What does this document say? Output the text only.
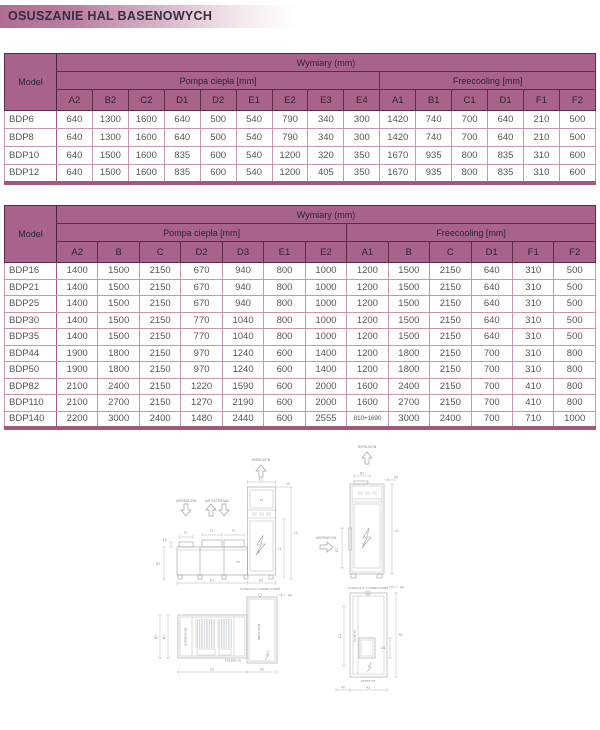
OSUSZANIE HAL BASENOWYCH
Model	Wymiary (mm)														
	Pompa ciepła [mm]									Freecooling [mm]					
	A2	B2	C2	D1	D2	E1	E2	E3	E4	A1	B1	C1	D1	F1	F2
BDP6	640	1300	1600	640	500	540	790	340	300	1420	740	700	640	210	500
BDP8	640	1300	1600	640	500	540	790	340	300	1420	740	700	640	210	500
BDP10	640	1500	1600	835	600	540	1200	320	350	1670	935	800	835	310	600
BDP12	640	1500	1600	835	600	540	1200	405	350	1670	935	800	835	310	600
Model	Wymiary (mm)												
	Pompa ciepła [mm]							Freecooling [mm]					
	A2	B	C	D2	D3	E1	E2	A1	B	C	D1	F1	F2
BDP16	1400	1500	2150	670	940	800	1000	1200	1500	2150	640	310	500
BDP21	1400	1500	2150	670	940	800	1000	1200	1500	2150	640	310	500
BDP25	1400	1500	2150	670	940	800	1000	1200	1500	2150	640	310	500
BDP30	1400	1500	2150	770	1040	800	1000	1200	1500	2150	640	310	500
BDP35	1400	1500	2150	770	1040	800	1000	1200	1500	2150	640	310	500
BDP44	1900	1800	2150	970	1240	600	1400	1200	1800	2150	700	310	800
BDP50	1900	1800	2150	970	1240	600	1400	1200	1800	2150	700	310	800
BDP82	2100	2400	2150	1220	1590	600	2000	1600	2400	2150	700	410	800
BDP110	2100	2700	2150	1270	2190	600	2000	1600	2700	2150	700	410	800
BDP140	2200	3000	2400	1480	2440	600	2555	810+1690	3000	2400	700	710	1000
IMPULSION
F8
F8
ASPIRATION	AIR EXTERNAL
E1
50
C2
C1
F1	F1	F1
E3
B2
A1	A2
IMPULSION
ASPIRATION
D1
50
C2
E2
HYDRAULIC CONNECTIONS
IMPULSION
ASPIRATION
FILTERS F8
40
B1
B2
A1	A2
HYDRAULIC CONNECTIONS
FILTER F8
FILTER F8
40
B2
D1
C1
40	A2
